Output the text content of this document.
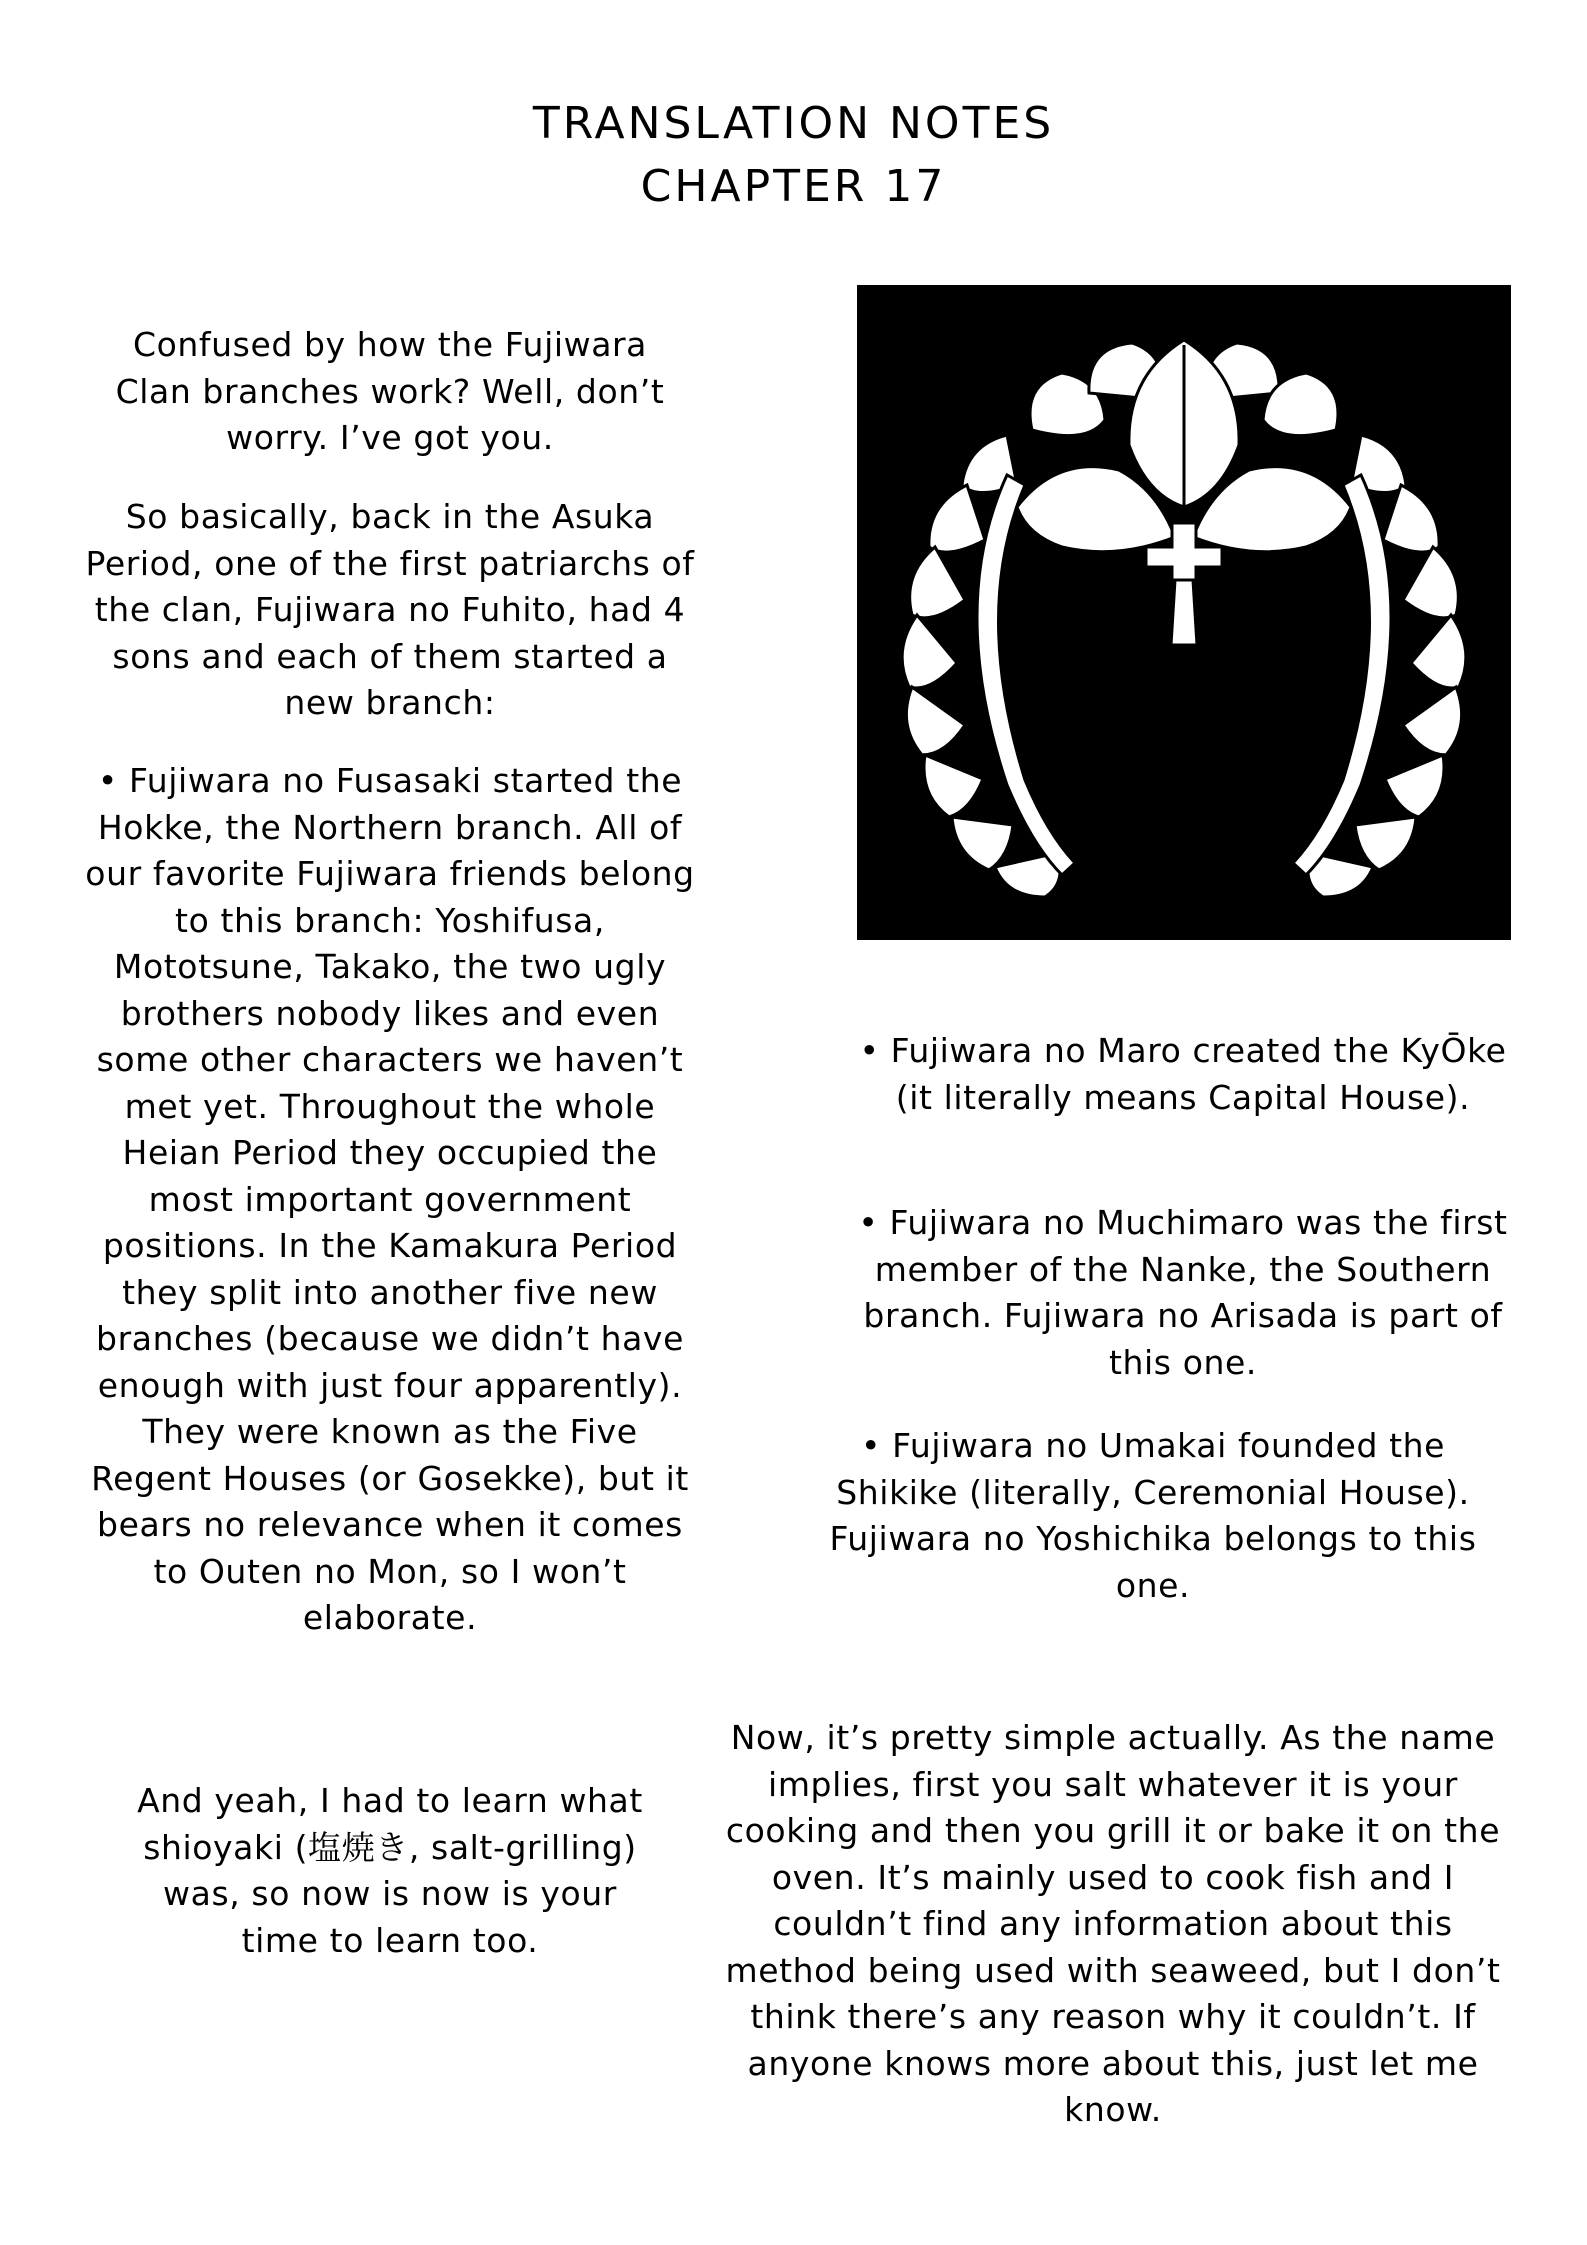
TRANSLATION NOTES
CHAPTER 17

Confused by how the Fujiwara Clan branches work? Well, don’t worry. I’ve got you.

So basically, back in the Asuka Period, one of the first patriarchs of the clan, Fujiwara no Fuhito, had 4 sons and each of them started a new branch:

• Fujiwara no Fusasaki started the Hokke, the Northern branch. All of our favorite Fujiwara friends belong to this branch: Yoshifusa, Mototsune, Takako, the two ugly brothers nobody likes and even some other characters we haven’t met yet. Throughout the whole Heian Period they occupied the most important government positions. In the Kamakura Period they split into another five new branches (because we didn’t have enough with just four apparently). They were known as the Five Regent Houses (or Gosekke), but it bears no relevance when it comes to Outen no Mon, so I won’t elaborate.

• Fujiwara no Maro created the KyŌke (it literally means Capital House).

• Fujiwara no Muchimaro was the first member of the Nanke, the Southern branch. Fujiwara no Arisada is part of this one.

• Fujiwara no Umakai founded the Shikike (literally, Ceremonial House). Fujiwara no Yoshichika belongs to this one.

And yeah, I had to learn what shioyaki (塩焼き, salt-grilling) was, so now is now is your time to learn too.

Now, it’s pretty simple actually. As the name implies, first you salt whatever it is your cooking and then you grill it or bake it on the oven. It’s mainly used to cook fish and I couldn’t find any information about this method being used with seaweed, but I don’t think there’s any reason why it couldn’t. If anyone knows more about this, just let me know.
